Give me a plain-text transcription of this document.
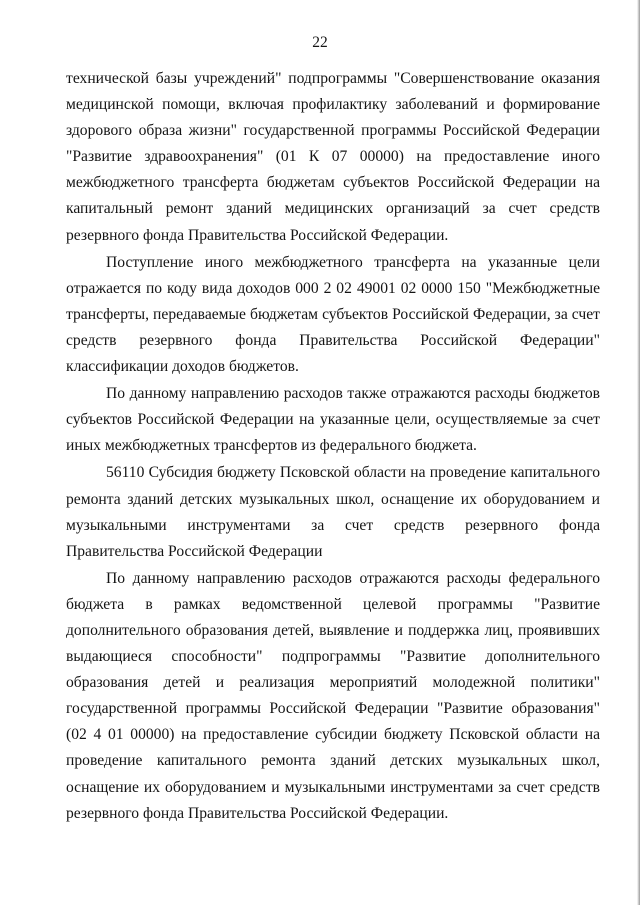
22

технической базы учреждений" подпрограммы "Совершенствование оказания медицинской помощи, включая профилактику заболеваний и формирование здорового образа жизни" государственной программы Российской Федерации "Развитие здравоохранения" (01 К 07 00000) на предоставление иного межбюджетного трансферта бюджетам субъектов Российской Федерации на капитальный ремонт зданий медицинских организаций за счет средств резервного фонда Правительства Российской Федерации.

Поступление иного межбюджетного трансферта на указанные цели отражается по коду вида доходов 000 2 02 49001 02 0000 150 "Межбюджетные трансферты, передаваемые бюджетам субъектов Российской Федерации, за счет средств резервного фонда Правительства Российской Федерации" классификации доходов бюджетов.

По данному направлению расходов также отражаются расходы бюджетов субъектов Российской Федерации на указанные цели, осуществляемые за счет иных межбюджетных трансфертов из федерального бюджета.

56110 Субсидия бюджету Псковской области на проведение капитального ремонта зданий детских музыкальных школ, оснащение их оборудованием и музыкальными инструментами за счет средств резервного фонда Правительства Российской Федерации

По данному направлению расходов отражаются расходы федерального бюджета в рамках ведомственной целевой программы "Развитие дополнительного образования детей, выявление и поддержка лиц, проявивших выдающиеся способности" подпрограммы "Развитие дополнительного образования детей и реализация мероприятий молодежной политики" государственной программы Российской Федерации "Развитие образования" (02 4 01 00000) на предоставление субсидии бюджету Псковской области на проведение капитального ремонта зданий детских музыкальных школ, оснащение их оборудованием и музыкальными инструментами за счет средств резервного фонда Правительства Российской Федерации.
